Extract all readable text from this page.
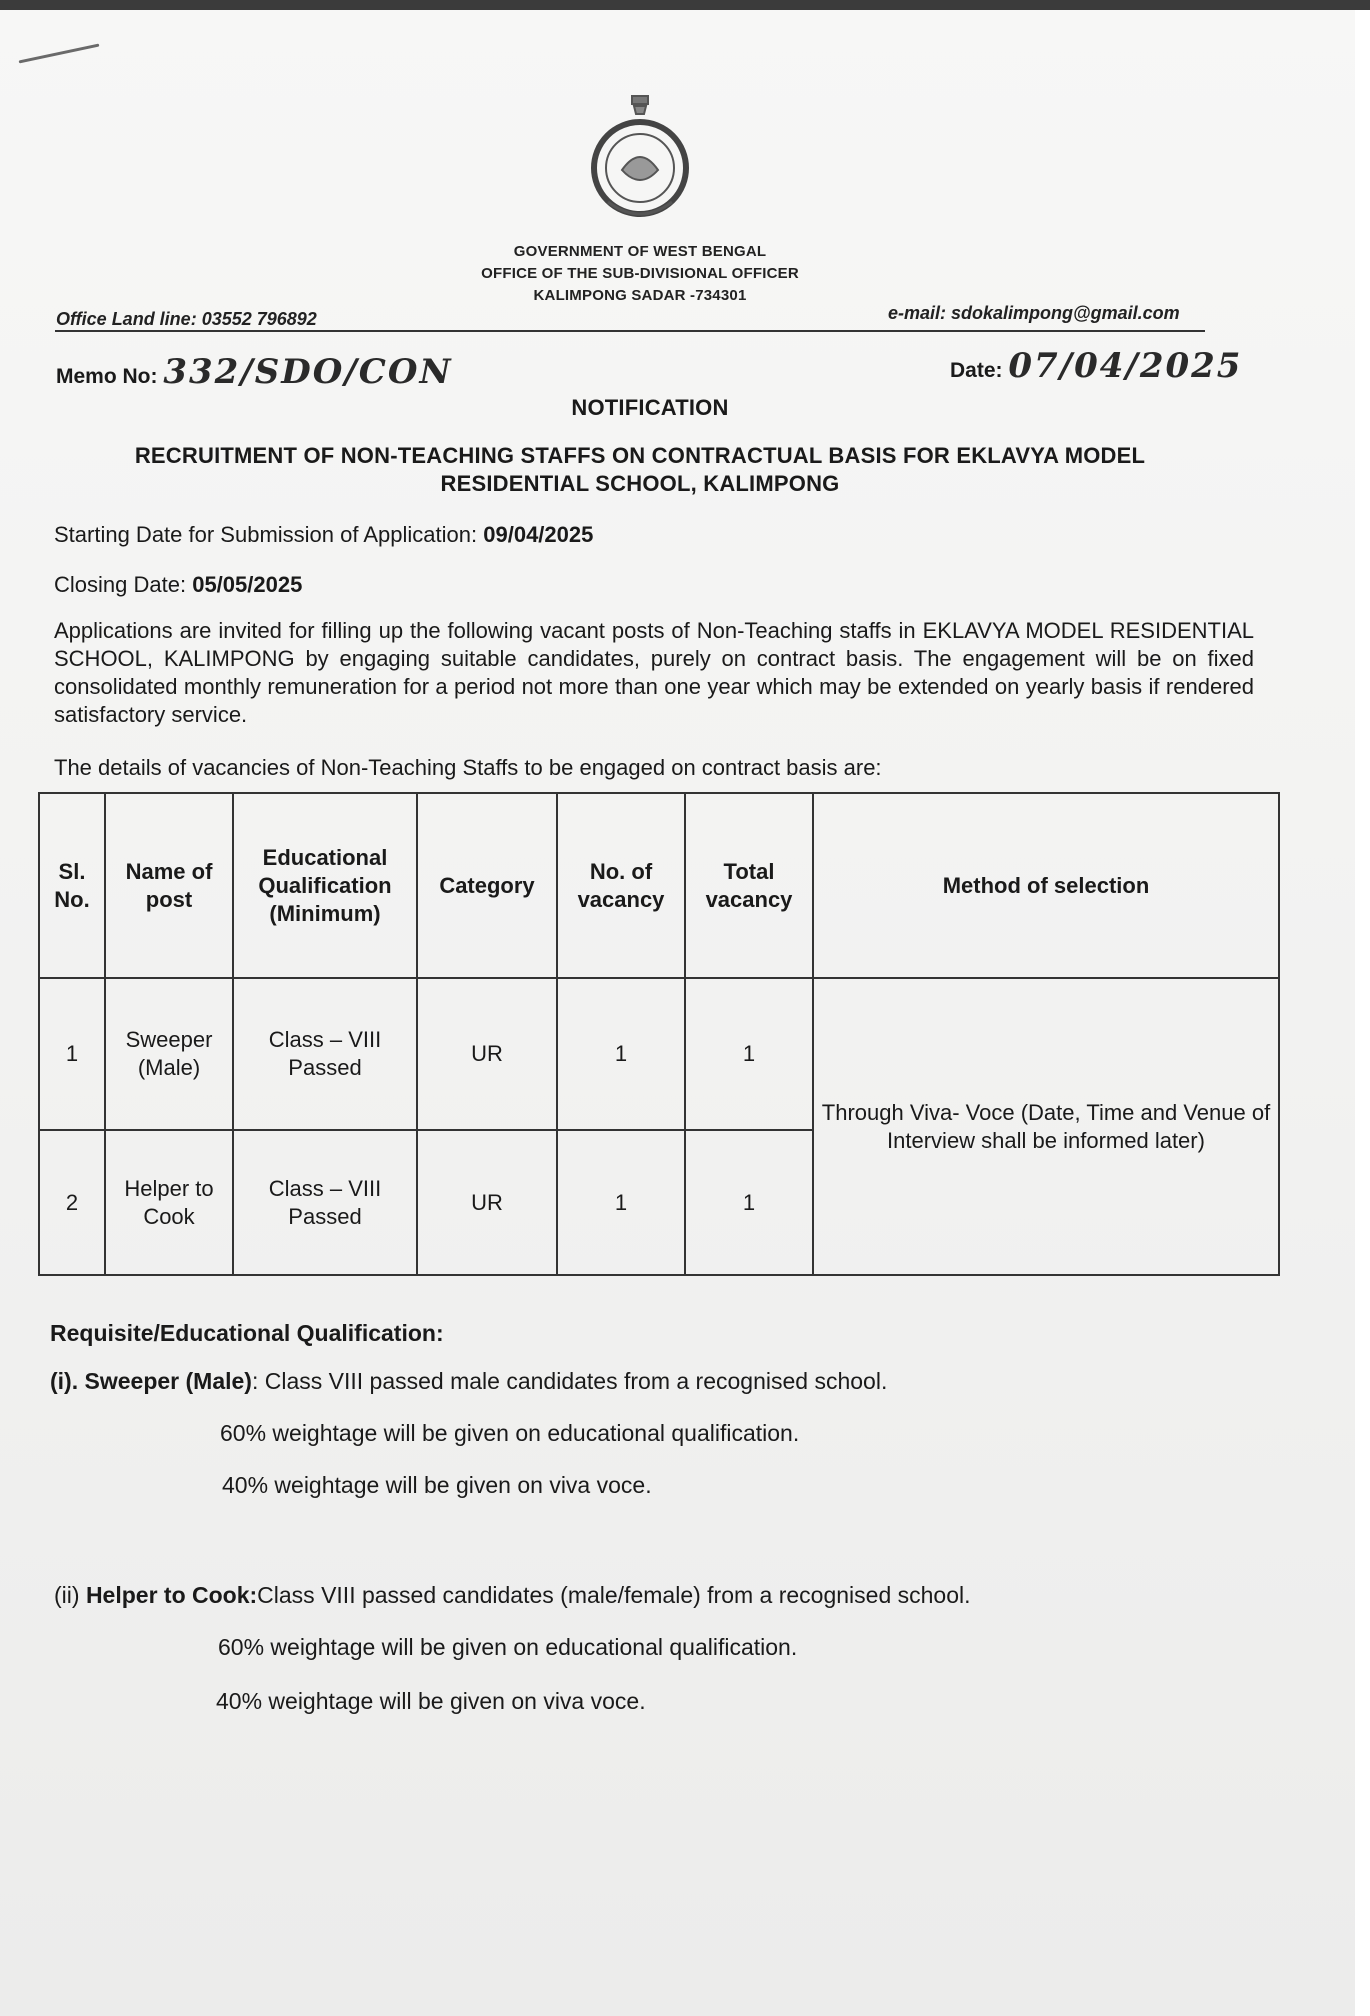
GOVERNMENT OF WEST BENGAL
OFFICE OF THE SUB-DIVISIONAL OFFICER
KALIMPONG SADAR -734301
Office Land line: 03552 796892	e-mail: sdokalimpong@gmail.com
Memo No: 332/SDO/CON	Date: 07/04/2025
NOTIFICATION
RECRUITMENT OF NON-TEACHING STAFFS ON CONTRACTUAL BASIS FOR EKLAVYA MODEL
RESIDENTIAL SCHOOL, KALIMPONG
Starting Date for Submission of Application: 09/04/2025
Closing Date: 05/05/2025
Applications are invited for filling up the following vacant posts of Non-Teaching staffs in EKLAVYA MODEL RESIDENTIAL SCHOOL, KALIMPONG by engaging suitable candidates, purely on contract basis. The engagement will be on fixed consolidated monthly remuneration for a period not more than one year which may be extended on yearly basis if rendered satisfactory service.
The details of vacancies of Non-Teaching Staffs to be engaged on contract basis are:
Sl. No.	Name of post	Educational Qualification (Minimum)	Category	No. of vacancy	Total vacancy	Method of selection
1	Sweeper (Male)	Class – VIII Passed	UR	1	1	Through Viva- Voce (Date, Time and Venue of Interview shall be informed later)
2	Helper to Cook	Class – VIII Passed	UR	1	1	
Requisite/Educational Qualification:
(i). Sweeper (Male): Class VIII passed male candidates from a recognised school.
60% weightage will be given on educational qualification.
40% weightage will be given on viva voce.
(ii) Helper to Cook:Class VIII passed candidates (male/female) from a recognised school.
60% weightage will be given on educational qualification.
40% weightage will be given on viva voce.
